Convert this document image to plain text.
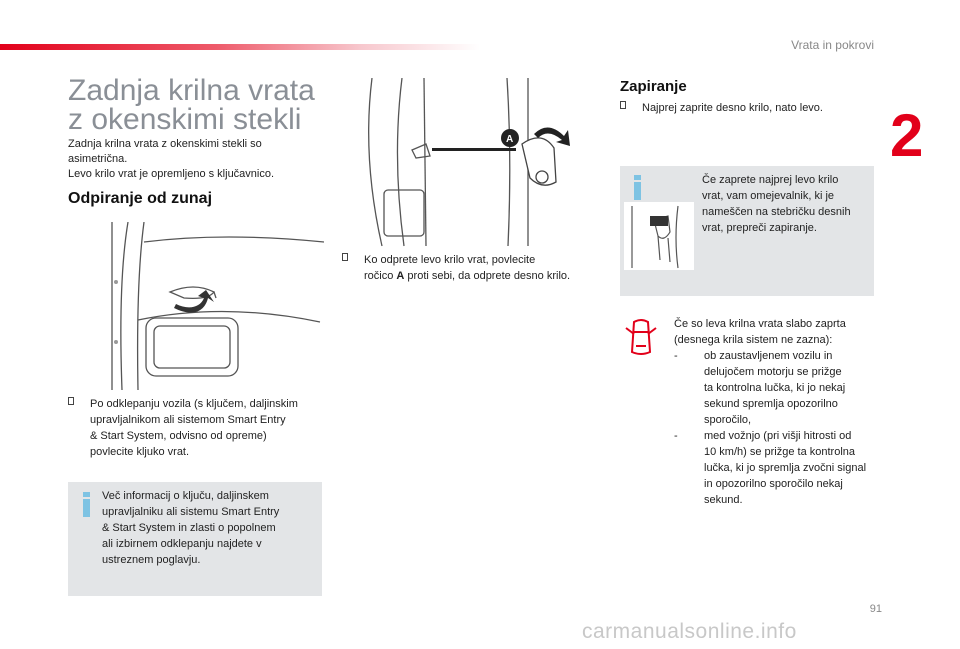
Vrata in pokrovi
2
Zadnja krilna vrata z okenskimi stekli
Zadnja krilna vrata z okenskimi stekli so
asimetrična.
Levo krilo vrat je opremljeno s ključavnico.
Odpiranje od zunaj
Po odklepanju vozila (s ključem, daljinskim
upravljalnikom ali sistemom Smart Entry
& Start System, odvisno od opreme)
povlecite kljuko vrat.
Več informacij o ključu, daljinskem
upravljalniku ali sistemu Smart Entry
& Start System in zlasti o popolnem
ali izbirnem odklepanju najdete v
ustreznem poglavju.
A
Ko odprete levo krilo vrat, povlecite
ročico A proti sebi, da odprete desno krilo.
Zapiranje
Najprej zaprite desno krilo, nato levo.
Če zaprete najprej levo krilo
vrat, vam omejevalnik, ki je
nameščen na stebričku desnih
vrat, prepreči zapiranje.
Če so leva krilna vrata slabo zaprta
(desnega krila sistem ne zazna):
- ob zaustavljenem vozilu in
delujočem motorju se prižge
ta kontrolna lučka, ki jo nekaj
sekund spremlja opozorilno
sporočilo,
- med vožnjo (pri višji hitrosti od
10 km/h) se prižge ta kontrolna
lučka, ki jo spremlja zvočni signal
in opozorilno sporočilo nekaj
sekund.
91
carmanualsonline.info
